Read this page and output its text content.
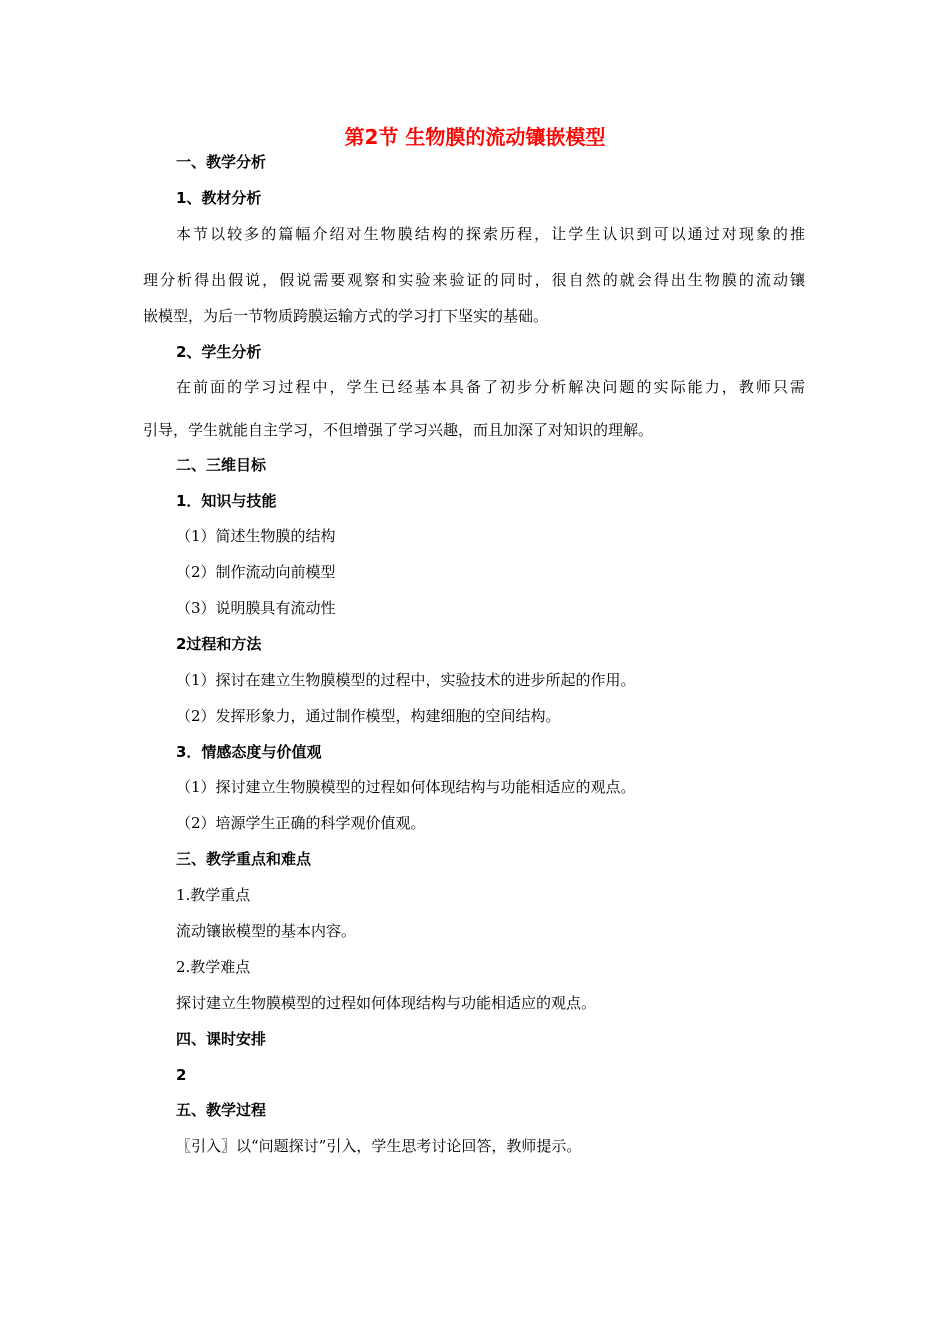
第2节 生物膜的流动镶嵌模型
一、教学分析
1、教材分析
本节以较多的篇幅介绍对生物膜结构的探索历程，让学生认识到可以通过对现象的推
理分析得出假说，假说需要观察和实验来验证的同时，很自然的就会得出生物膜的流动镶
嵌模型，为后一节物质跨膜运输方式的学习打下坚实的基础。
2、学生分析
在前面的学习过程中，学生已经基本具备了初步分析解决问题的实际能力，教师只需
引导，学生就能自主学习，不但增强了学习兴趣，而且加深了对知识的理解。
二、三维目标
1．知识与技能
（1）简述生物膜的结构
（2）制作流动向前模型
（3）说明膜具有流动性
2过程和方法
（1）探讨在建立生物膜模型的过程中，实验技术的进步所起的作用。
（2）发挥形象力，通过制作模型，构建细胞的空间结构。
3．情感态度与价值观
（1）探讨建立生物膜模型的过程如何体现结构与功能相适应的观点。
（2）培源学生正确的科学观价值观。
三、教学重点和难点
1.教学重点
流动镶嵌模型的基本内容。
2.教学难点
探讨建立生物膜模型的过程如何体现结构与功能相适应的观点。
四、课时安排
2
五、教学过程
〖引入〗以“问题探讨”引入，学生思考讨论回答，教师提示。
